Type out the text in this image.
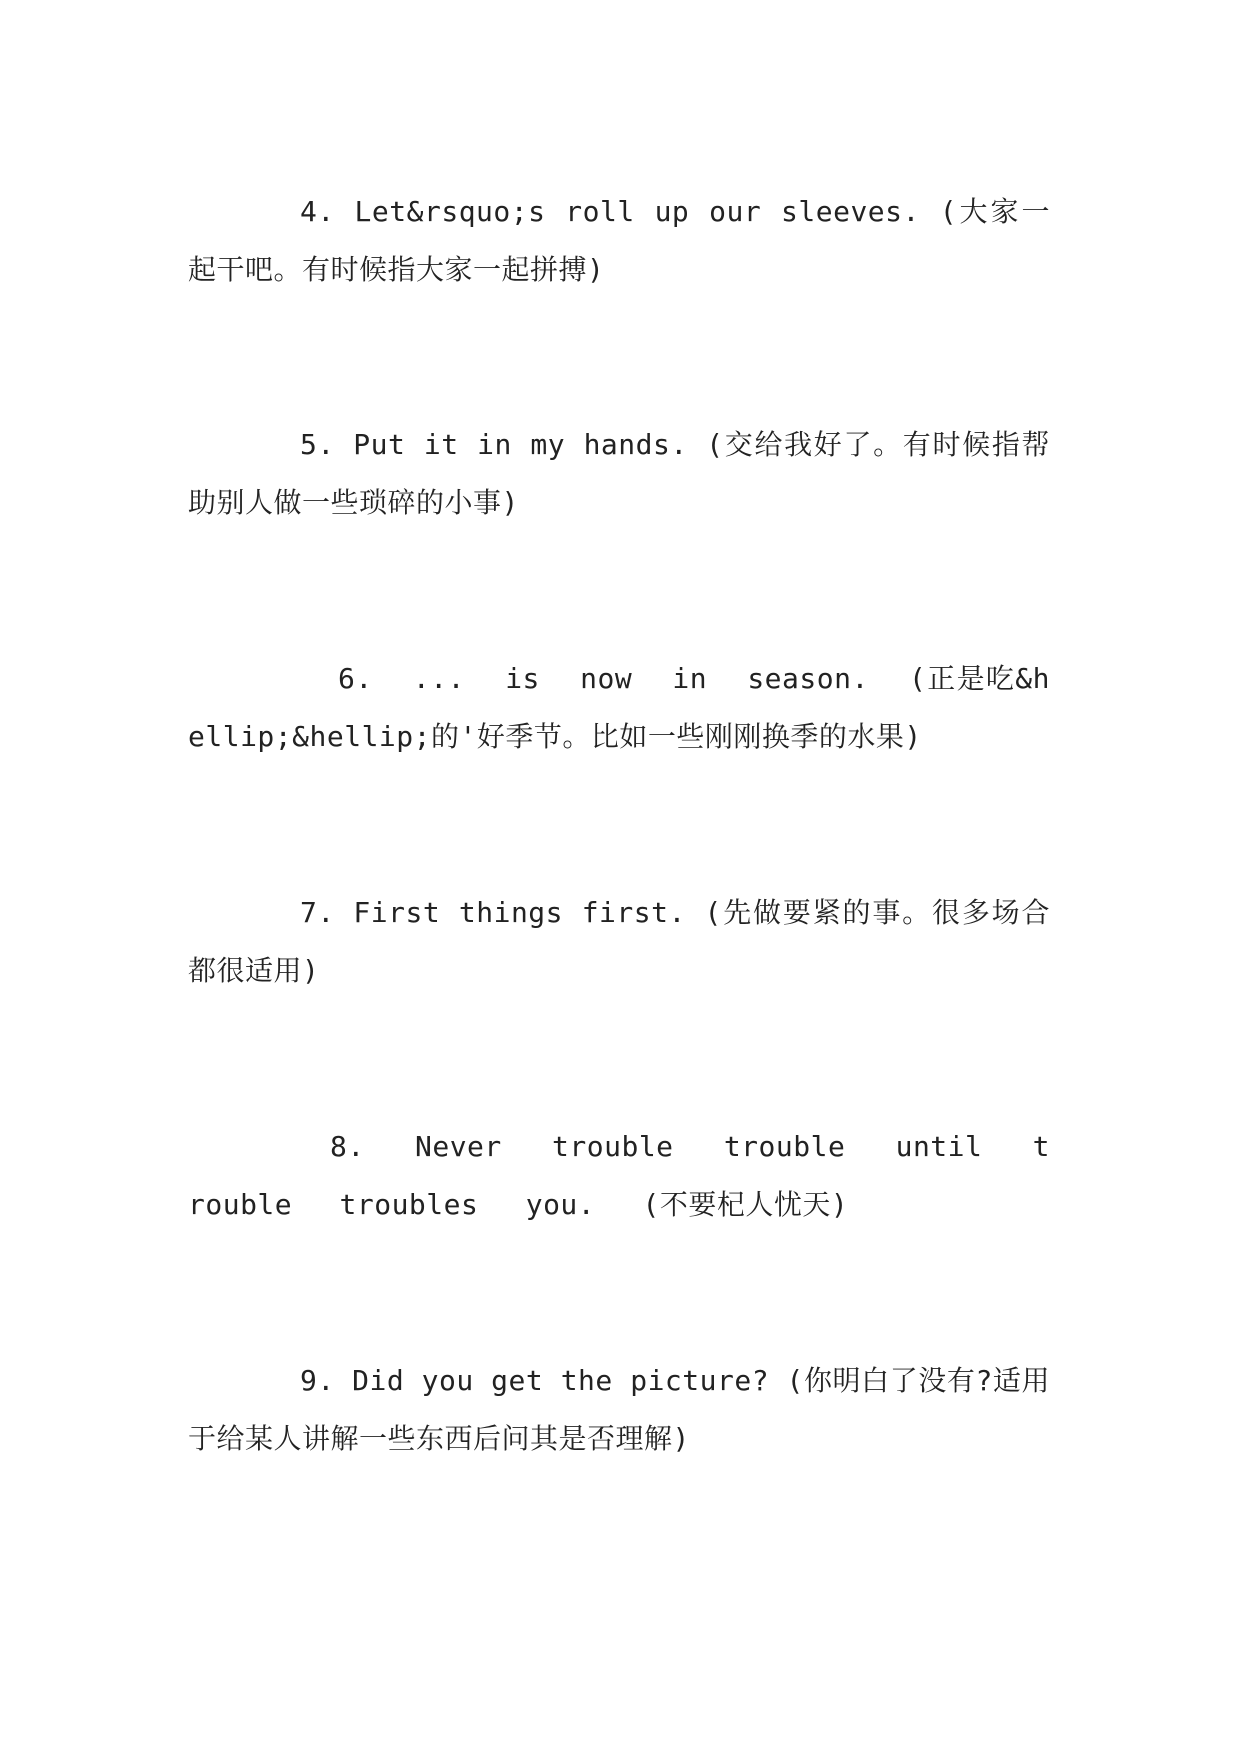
4. Let&rsquo;s roll up our sleeves. (大家一起干吧。有时候指大家一起拼搏)

5. Put it in my hands. (交给我好了。有时候指帮助别人做一些琐碎的小事)

6. ... is now in season. (正是吃&hellip;&hellip;的'好季节。比如一些刚刚换季的水果)

7. First things first. (先做要紧的事。很多场合都很适用)

8. Never trouble trouble until trouble troubles you. (不要杞人忧天)

9. Did you get the picture? (你明白了没有?适用于给某人讲解一些东西后问其是否理解)
